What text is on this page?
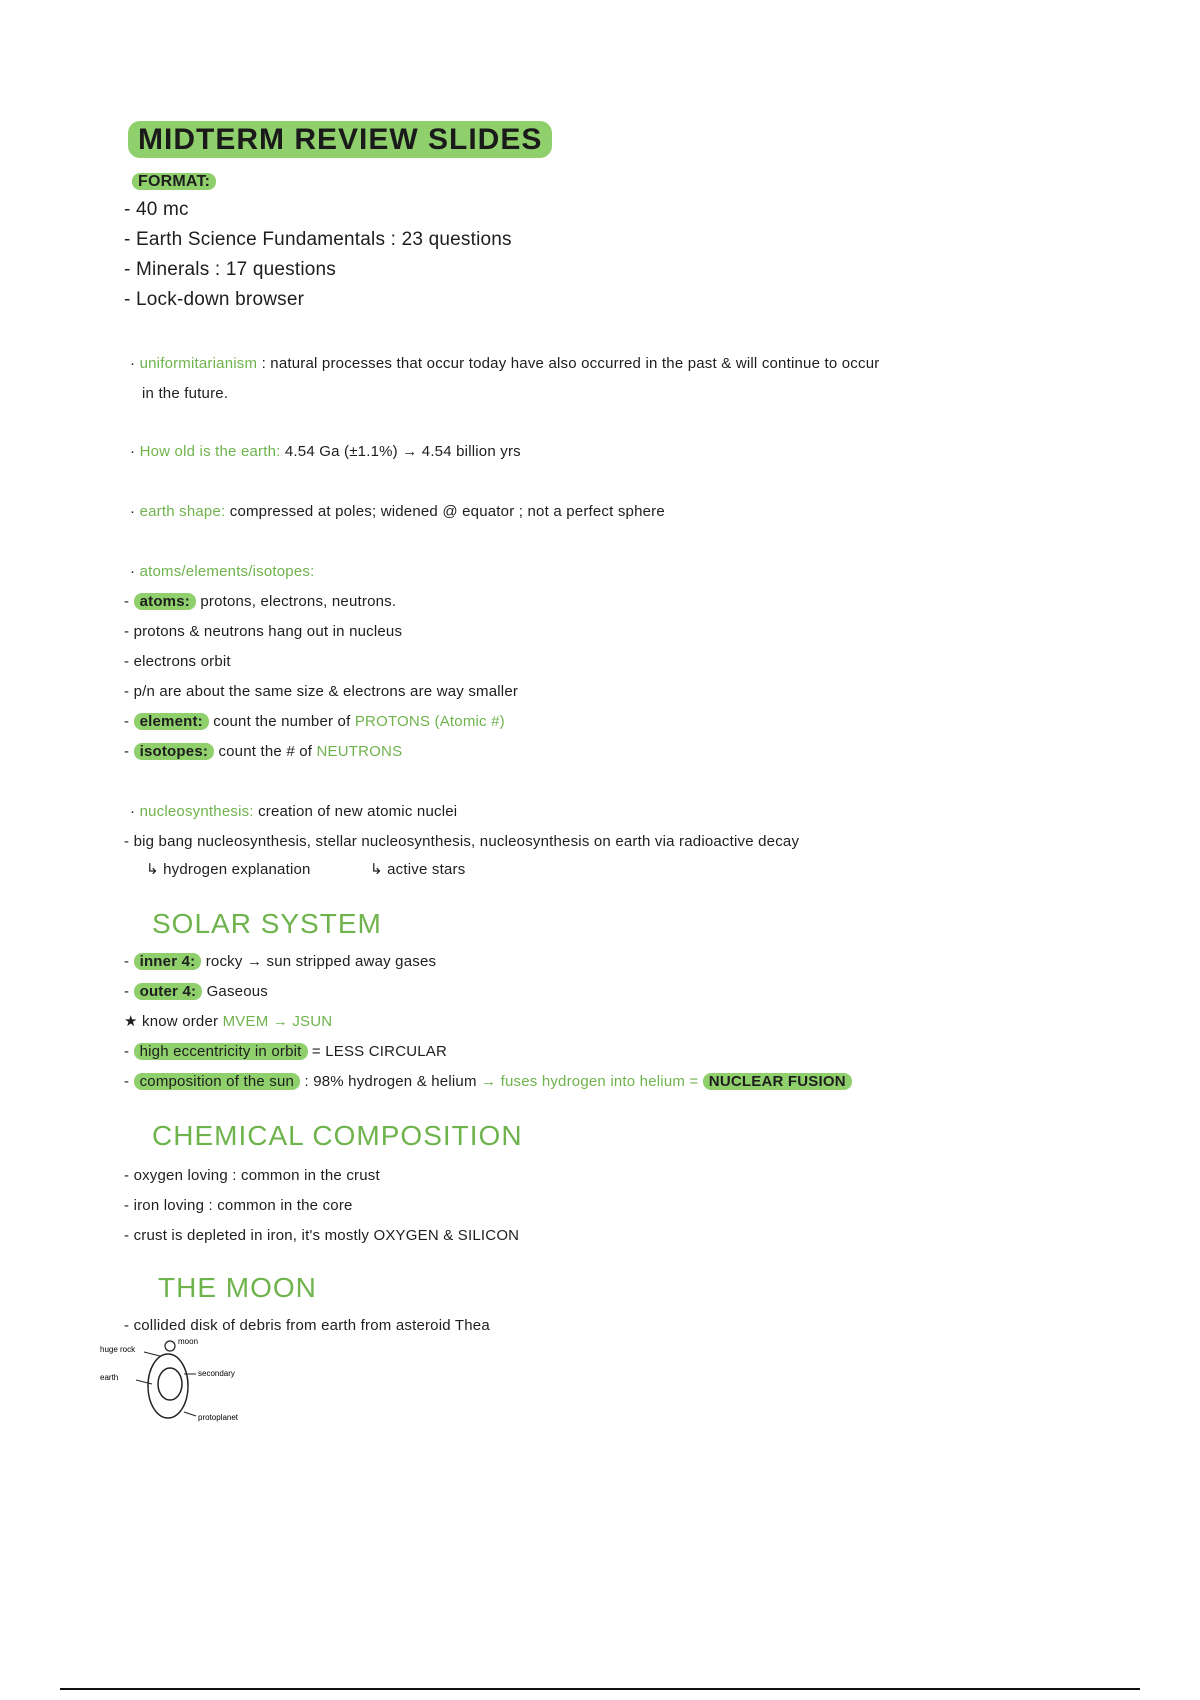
MIDTERM REVIEW SLIDES
FORMAT:
- 40 mc
- Earth Science Fundamentals : 23 questions
- Minerals : 17 questions
- Lock-down browser
· uniformitarianism : natural processes that occur today have also occurred in the past & will continue to occur
in the future.
· How old is the earth: 4.54 Ga (±1.1%) → 4.54 billion yrs
· earth shape: compressed at poles; widened @ equator ; not a perfect sphere
· atoms/elements/isotopes:
- atoms: protons, electrons, neutrons.
- protons & neutrons hang out in nucleus
- electrons orbit
- p/n are about the same size & electrons are way smaller
- element: count the number of PROTONS (Atomic #)
- isotopes: count the # of NEUTRONS
· nucleosynthesis: creation of new atomic nuclei
- big bang nucleosynthesis, stellar nucleosynthesis, nucleosynthesis on earth via radioactive decay
↳ hydrogen explanation	↳ active stars
SOLAR SYSTEM
- inner 4: rocky → sun stripped away gases
- outer 4: Gaseous
★ know order MVEM → JSUN
- high eccentricity in orbit = LESS CIRCULAR
- composition of the sun : 98% hydrogen & helium → fuses hydrogen into helium = NUCLEAR FUSION
CHEMICAL COMPOSITION
- oxygen loving : common in the crust
- iron loving : common in the core
- crust is depleted in iron, it's mostly OXYGEN & SILICON
THE MOON
- collided disk of debris from earth from asteroid Thea
huge rock
earth
moon
secondary
protoplanet
